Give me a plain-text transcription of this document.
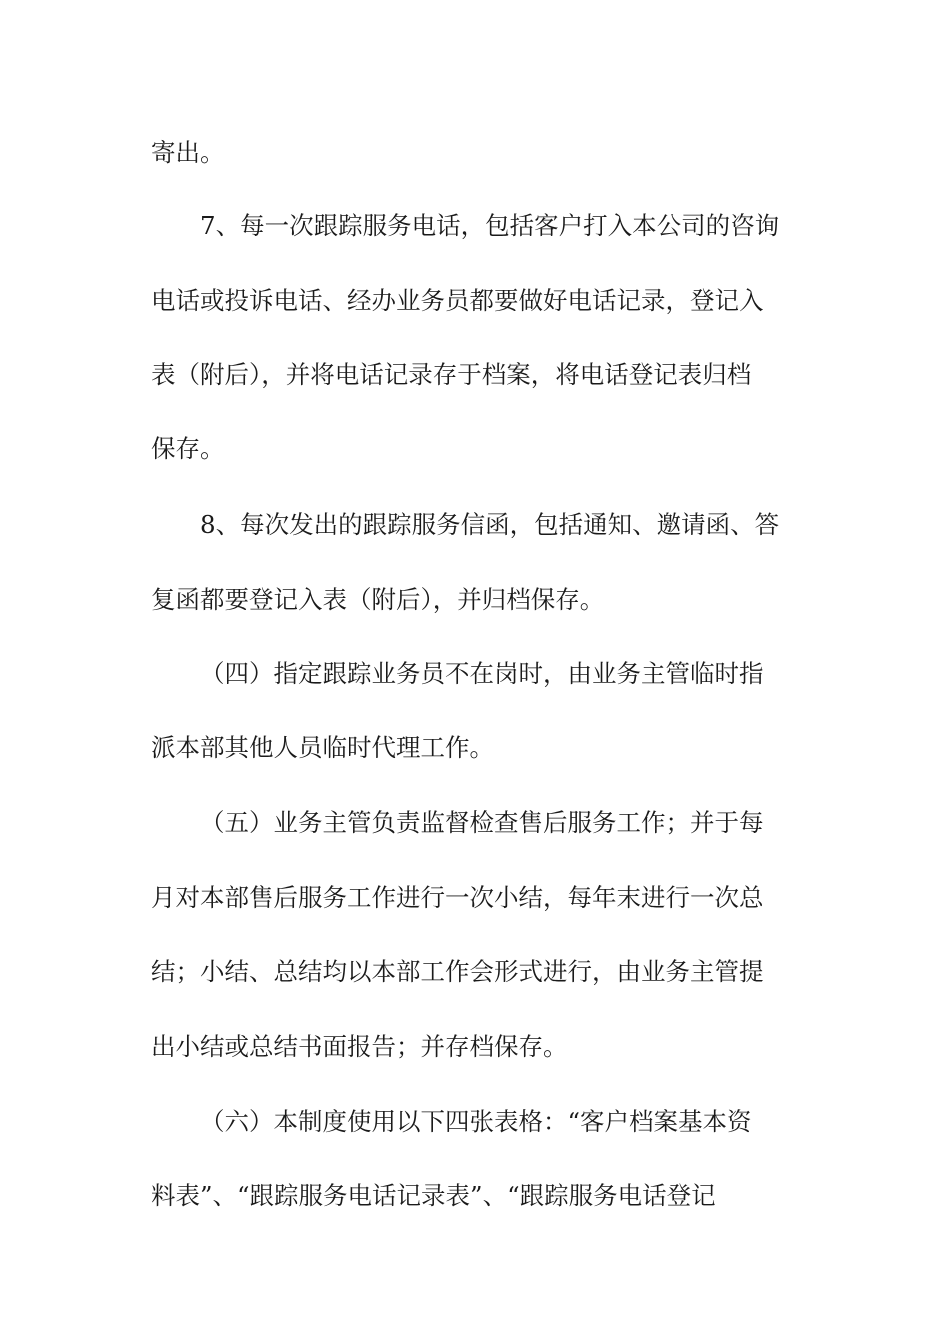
寄出。
7、每一次跟踪服务电话，包括客户打入本公司的咨询
电话或投诉电话、经办业务员都要做好电话记录，登记入
表（附后），并将电话记录存于档案，将电话登记表归档
保存。
8、每次发出的跟踪服务信函，包括通知、邀请函、答
复函都要登记入表（附后），并归档保存。
（四）指定跟踪业务员不在岗时，由业务主管临时指
派本部其他人员临时代理工作。
（五）业务主管负责监督检查售后服务工作；并于每
月对本部售后服务工作进行一次小结，每年末进行一次总
结；小结、总结均以本部工作会形式进行，由业务主管提
出小结或总结书面报告；并存档保存。
（六）本制度使用以下四张表格：“客户档案基本资
料表”、“跟踪服务电话记录表”、“跟踪服务电话登记
